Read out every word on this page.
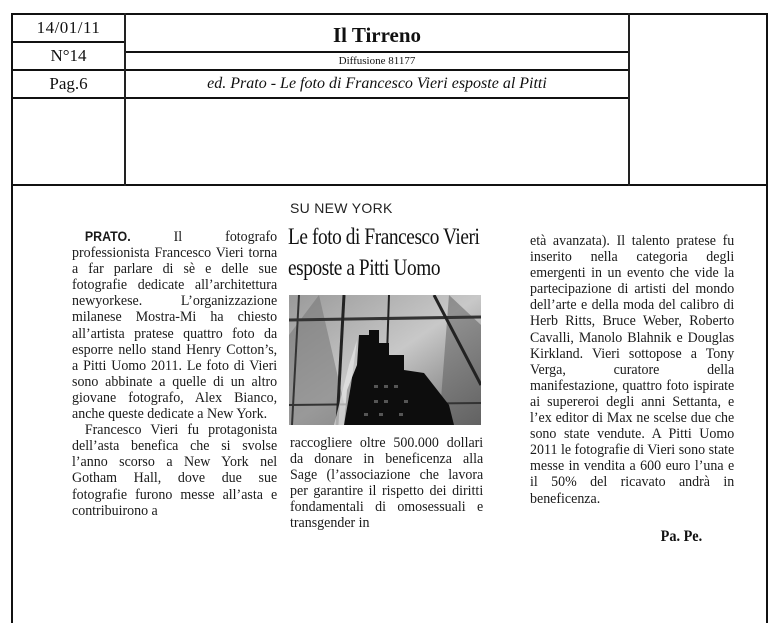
14/01/11
N°14
Pag.6
Il Tirreno
Diffusione 81177
ed. Prato - Le foto di Francesco Vieri esposte al Pitti
SU NEW YORK
Le foto di Francesco Vieri esposte a Pitti Uomo

PRATO.	Il fotografo professionista Francesco Vieri torna a far parlare di sè e delle sue fotografie dedicate all’architettura newyorkese. L’organizzazione milanese Mostra-Mi ha chiesto all’artista pratese quattro foto da esporre nello stand Henry Cotton’s, a Pitti Uomo 2011. Le foto di Vieri sono abbinate a quelle di un altro giovane fotografo, Alex Bianco, anche queste dedicate a New York.

Francesco Vieri fu protagonista dell’asta benefica che si svolse l’anno scorso a New York nel Gotham Hall, dove due sue fotografie furono messe all’asta e contribuirono a

raccogliere oltre 500.000 dollari da donare in beneficenza alla Sage (l’associazione che lavora per garantire il rispetto dei diritti fondamentali di omosessuali e transgender in

età avanzata). Il talento pratese fu inserito nella categoria degli emergenti in un evento che vide la partecipazione di artisti del mondo dell’arte e della moda del calibro di Herb Ritts, Bruce Weber, Roberto Cavalli, Manolo Blahnik e Douglas Kirkland. Vieri sottopose a Tony Verga, curatore della manifestazione, quattro foto ispirate ai supereroi degli anni Settanta, e l’ex editor di Max ne scelse due che sono state vendute. A Pitti Uomo 2011 le fotografie di Vieri sono state messe in vendita a 600 euro l’una e il 50% del ricavato andrà in beneficenza.

Pa. Pe.
